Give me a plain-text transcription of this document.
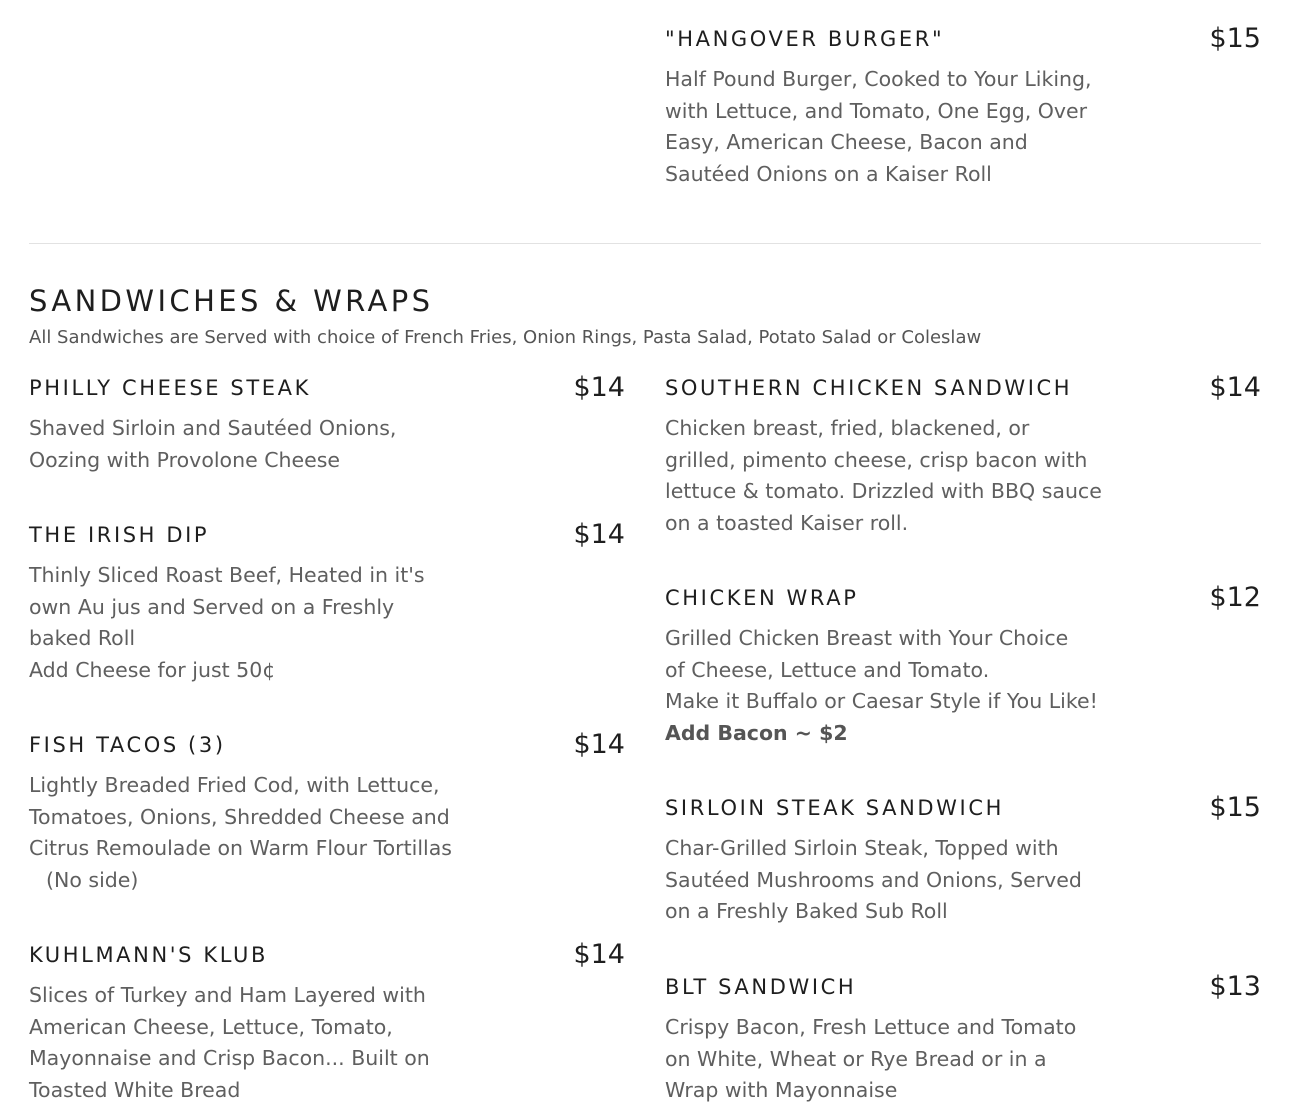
"HANGOVER BURGER"	$15
Half Pound Burger, Cooked to Your Liking,
with Lettuce, and Tomato, One Egg, Over
Easy, American Cheese, Bacon and
Sautéed Onions on a Kaiser Roll
SANDWICHES & WRAPS
All Sandwiches are Served with choice of French Fries, Onion Rings, Pasta Salad, Potato Salad or Coleslaw
PHILLY CHEESE STEAK	$14
Shaved Sirloin and Sautéed Onions,
Oozing with Provolone Cheese
THE IRISH DIP	$14
Thinly Sliced Roast Beef, Heated in it's
own Au jus and Served on a Freshly
baked Roll
Add Cheese for just 50¢
FISH TACOS (3)	$14
Lightly Breaded Fried Cod, with Lettuce,
Tomatoes, Onions, Shredded Cheese and
Citrus Remoulade on Warm Flour Tortillas
(No side)
KUHLMANN'S KLUB	$14
Slices of Turkey and Ham Layered with
American Cheese, Lettuce, Tomato,
Mayonnaise and Crisp Bacon... Built on
Toasted White Bread
SOUTHERN CHICKEN SANDWICH	$14
Chicken breast, fried, blackened, or
grilled, pimento cheese, crisp bacon with
lettuce & tomato. Drizzled with BBQ sauce
on a toasted Kaiser roll.
CHICKEN WRAP	$12
Grilled Chicken Breast with Your Choice
of Cheese, Lettuce and Tomato.
Make it Buffalo or Caesar Style if You Like!
Add Bacon ~ $2
SIRLOIN STEAK SANDWICH	$15
Char-Grilled Sirloin Steak, Topped with
Sautéed Mushrooms and Onions, Served
on a Freshly Baked Sub Roll
BLT SANDWICH	$13
Crispy Bacon, Fresh Lettuce and Tomato
on White, Wheat or Rye Bread or in a
Wrap with Mayonnaise
